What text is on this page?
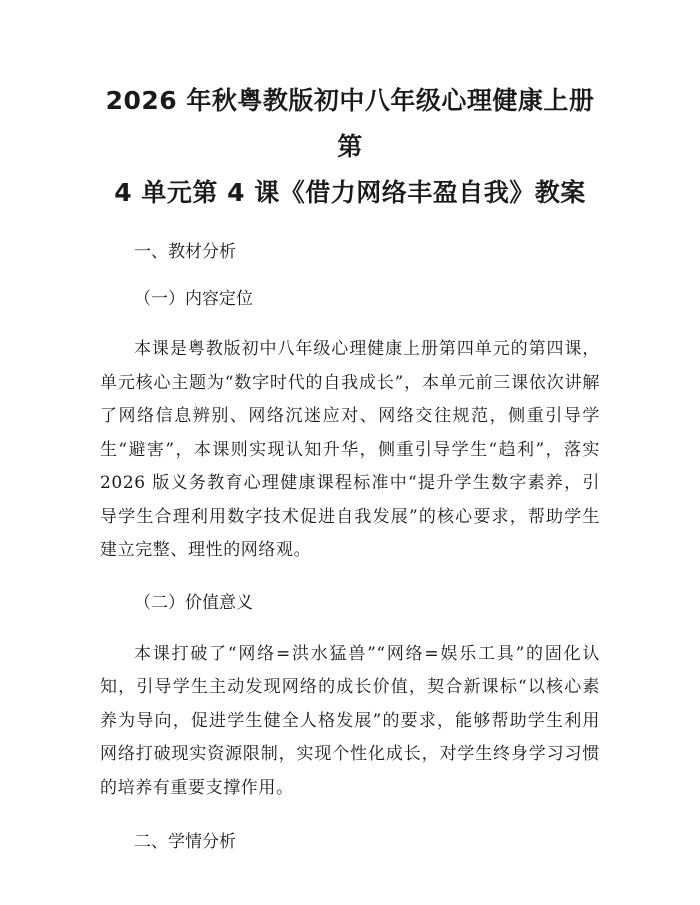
2026 年秋粤教版初中八年级心理健康上册第
4 单元第 4 课《借力网络丰盈自我》教案

一、教材分析

（一）内容定位

本课是粤教版初中八年级心理健康上册第四单元的第四课，单元核心主题为“数字时代的自我成长”，本单元前三课依次讲解了网络信息辨别、网络沉迷应对、网络交往规范，侧重引导学生“避害”，本课则实现认知升华，侧重引导学生“趋利”，落实 2026 版义务教育心理健康课程标准中“提升学生数字素养，引导学生合理利用数字技术促进自我发展”的核心要求，帮助学生建立完整、理性的网络观。

（二）价值意义

本课打破了“网络=洪水猛兽”“网络=娱乐工具”的固化认知，引导学生主动发现网络的成长价值，契合新课标“以核心素养为导向，促进学生健全人格发展”的要求，能够帮助学生利用网络打破现实资源限制，实现个性化成长，对学生终身学习习惯的培养有重要支撑作用。

二、学情分析
